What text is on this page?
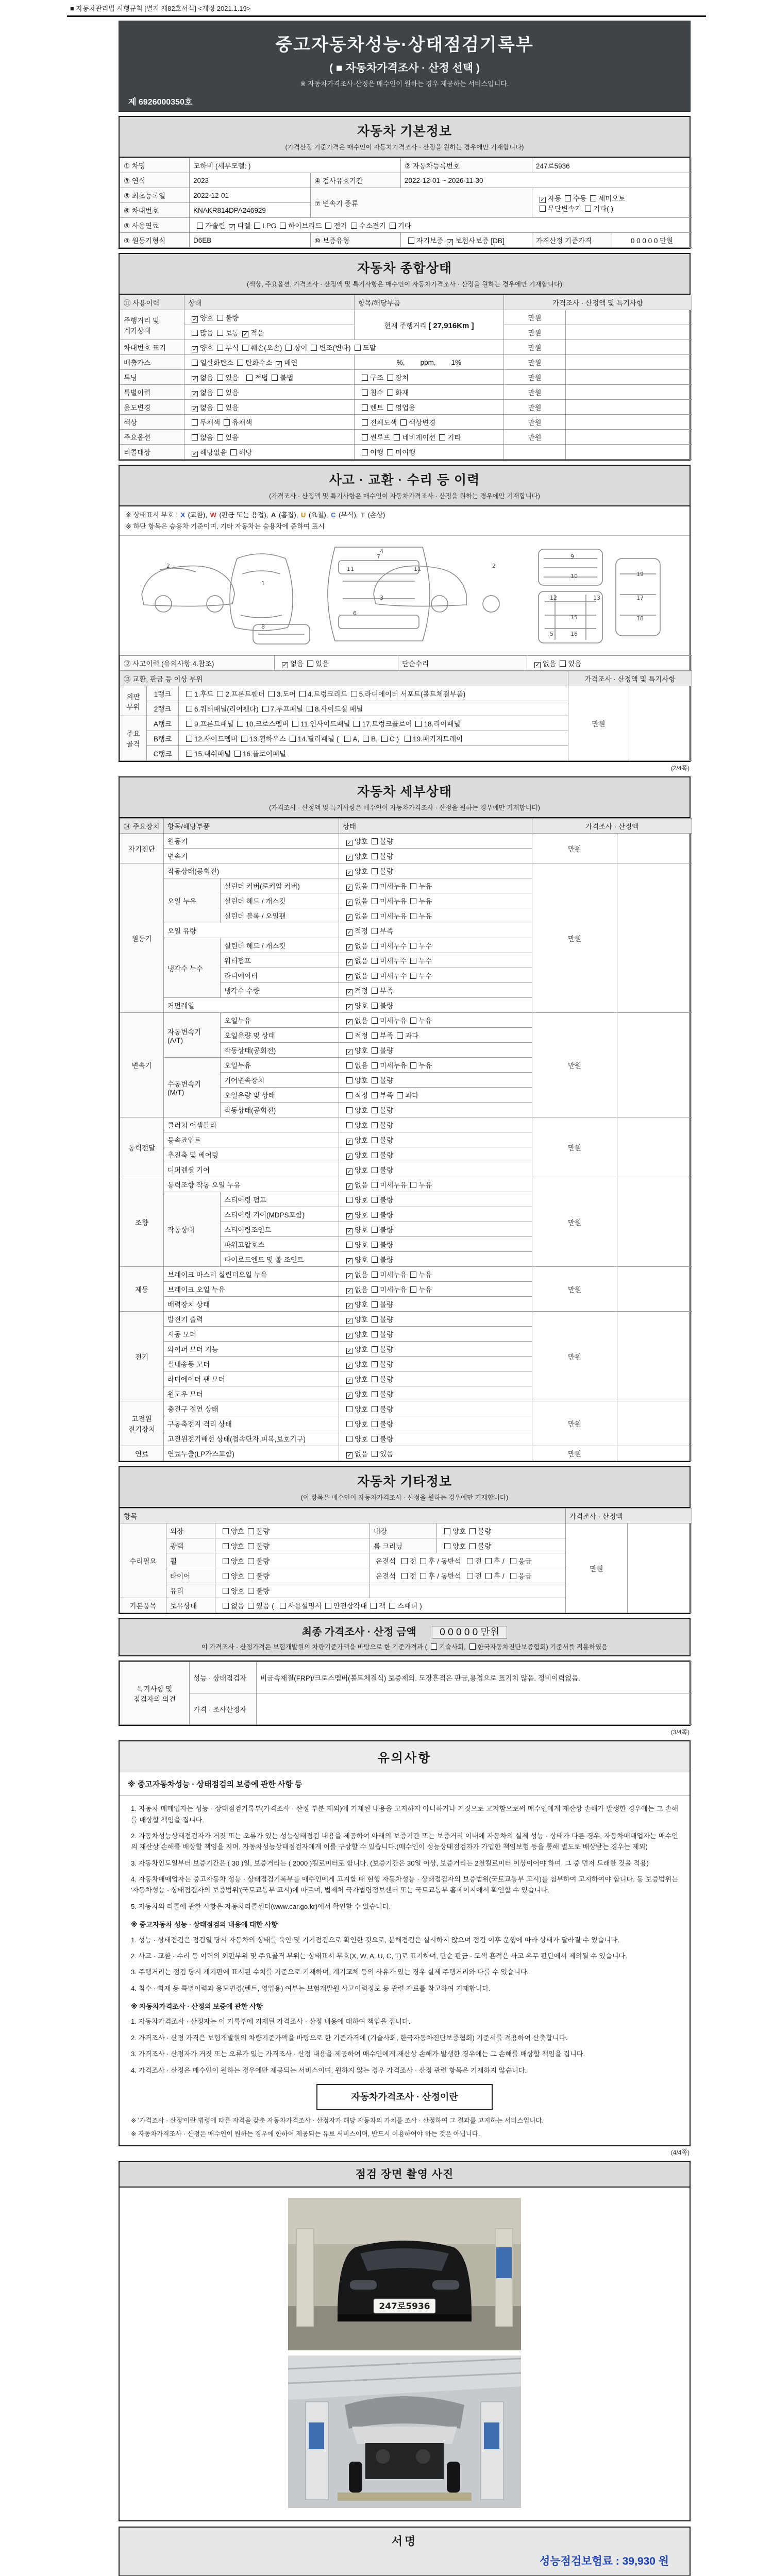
■ 자동차관리법 시행규칙 [별지 제82호서식] <개정 2021.1.19>
중고자동차성능·상태점검기록부
( ■ 자동차가격조사 · 산정 선택 )
※ 자동차가격조사·산정은 매수인이 원하는 경우 제공하는 서비스입니다.
제 6926000350호
자동차 기본정보
(가격산정 기준가격은 매수인이 자동차가격조사 · 산정을 원하는 경우에만 기재합니다)
① 차명	모하비 (세부모델: )		② 자동차등록번호	247로5936	
③ 연식	2023	④ 검사유효기간	2022-12-01 ~ 2026-11-30		
⑤ 최초등록일	2022-12-01	⑦ 변속기 종류		✓ 자동 수동 세미오토
무단변속기 기타( )	

⑥ 차대번호	KNAKR814DPA246929				
⑧ 사용연료	가솔린 ✓ 디젤 LPG 하이브리드 전기 수소전기 기타				
⑨ 원동기형식	D6EB	⑩ 보증유형	자기보증 ✓ 보험사보증 [DB]	가격산정 기준가격	0 0 0 0 0 만원
자동차 종합상태
(색상, 주요옵션, 가격조사 · 산정액 및 특기사항은 매수인이 자동차가격조사 · 산정을 원하는 경우에만 기재합니다)
⑪ 사용이력	상태	항목/해당부품	가격조사 · 산정액 및 특기사항	
주행거리 및 계기상태	✓ 양호 불량	현재 주행거리 [ 27,916Km ]	만원	
	많음 보통 ✓ 적음		만원	
차대번호 표기	✓ 양호 부식 훼손(오손) 상이 변조(변타) 도말		만원	
배출가스	일산화탄소 탄화수소 ✓ 매연	%,        ppm,        1%	만원	
튜닝	✓ 없음 있음 적법 불법	구조 장치	만원	
특별이력	✓ 없음 있음	침수 화재	만원	
용도변경	✓ 없음 있음	렌트 영업용	만원	
색상	무채색 유채색	전체도색 색상변경	만원	
주요옵션	없음 있음	썬루프 네비게이션 기타	만원	
리콜대상	✓ 해당없음 해당	이행 미이행		
사고 · 교환 · 수리 등 이력
(가격조사 · 산정액 및 특기사항은 매수인이 자동차가격조사 · 산정을 원하는 경우에만 기재합니다)
※ 상태표시 부호 : X (교환), W (판금 또는 용접), A (흠집), U (요철), C (부식), T (손상)
※ 하단 항목은 승용차 기준이며, 기타 자동차는 승용차에 준하여 표시
2
1
7
11	11
3
6
2
4
9
10
12	13
15
16
17
18
5
19
8
⑫ 사고이력 (유의사항 4.참조)	✓ 없음 있음	단순수리	✓ 없음 있음
⑬ 교환, 판금 등 이상 부위			가격조사 · 산정액 및 특기사항	
외판 부위	1랭크	1.후드 2.프론트휀더 3.도어 4.트렁크리드 5.라디에이터 서포트(볼트체결부품)	만원	
	2랭크	6.쿼터패널(리어휀다) 7.루프패널 8.사이드실 패널		
주요 골격	A랭크	9.프론트패널 10.크로스멤버 11.인사이드패널 17.트렁크플로어 18.리어패널		
	B랭크	12.사이드멤버 13.휠하우스 14.필러패널 ( A, B, C ) 19.패키지트레이		
	C랭크	15.대쉬패널 16.플로어패널		
(2/4쪽)
자동차 세부상태
(가격조사 · 산정액 및 특기사항은 매수인이 자동차가격조사 · 산정을 원하는 경우에만 기재합니다)
⑭ 주요장치	항목/해당부품		상태	가격조사 · 산정액	
자기진단	원동기		✓ 양호 불량	만원	
	변속기		✓ 양호 불량		
원동기	작동상태(공회전)		✓ 양호 불량	만원	
	오일 누유	실린더 커버(로커암 커버)	✓ 없음 미세누유 누유		
		실린더 헤드 / 개스킷	✓ 없음 미세누유 누유		
		실린더 블록 / 오일팬	✓ 없음 미세누유 누유		
	오일 유량		✓ 적정 부족		
	냉각수 누수	실린더 헤드 / 개스킷	✓ 없음 미세누수 누수		
		워터펌프	✓ 없음 미세누수 누수		
		라디에이터	✓ 없음 미세누수 누수		
		냉각수 수량	✓ 적정 부족		
	커먼레일		✓ 양호 불량		
변속기	자동변속기 (A/T)	오일누유	✓ 없음 미세누유 누유	만원	
		오일유량 및 상태	적정 부족 과다		
		작동상태(공회전)	✓ 양호 불량		
	수동변속기 (M/T)	오일누유	없음 미세누유 누유		
		기어변속장치	양호 불량		
		오일유량 및 상태	적정 부족 과다		
		작동상태(공회전)	양호 불량		
동력전달	클러치 어셈블리		양호 불량	만원	
	등속죠인트		✓ 양호 불량		
	추진축 및 베어링		✓ 양호 불량		
	디퍼렌셜 기어		✓ 양호 불량		
조향	동력조향 작동 오일 누유		✓ 없음 미세누유 누유	만원	
	작동상태	스티어링 펌프	양호 불량		
		스티어링 기어(MDPS포함)	✓ 양호 불량		
		스티어링조인트	✓ 양호 불량		
		파워고압호스	양호 불량		
		타이로드엔드 및 볼 조인트	✓ 양호 불량		
제동	브레이크 마스터 실린더오일 누유		✓ 없음 미세누유 누유	만원	
	브레이크 오일 누유		✓ 없음 미세누유 누유		
	배력장치 상태		✓ 양호 불량		
전기	발전기 출력		✓ 양호 불량	만원	
	시동 모터		✓ 양호 불량		
	와이퍼 모터 기능		✓ 양호 불량		
	실내송풍 모터		✓ 양호 불량		
	라디에이터 팬 모터		✓ 양호 불량		
	윈도우 모터		✓ 양호 불량		
고전원 전기장치	충전구 절연 상태		양호 불량	만원	
	구동축전지 격리 상태		양호 불량		
	고전원전기배선 상태(접속단자,피복,보호기구)		양호 불량		
연료	연료누출(LP가스포함)		✓ 없음 있음	만원	
자동차 기타정보
(이 항목은 매수인이 자동차가격조사 · 산정을 원하는 경우에만 기재합니다)
항목					가격조사 · 산정액	
수리필요	외장	양호 불량	내장	양호 불량	만원	
	광택	양호 불량	룸 크리닝	양호 불량		
	휠	양호 불량	운전석 전 후 / 동반석 전 후 / 응급			
	타이어	양호 불량	운전석 전 후 / 동반석 전 후 / 응급			
	유리	양호 불량				
기본품목	보유상태	없음 있음 ( 사용설명서 안전삼각대 잭 스패너 )				
최종 가격조사 · 산정 금액 0 0 0 0 0 만원
이 가격조사 · 산정가격은 보험개발원의 차량기준가액을 바탕으로 한 기준가격과 ( 기술사회, 한국자동차진단보증협회) 기준서를 적용하였음
특기사항 및 점검자의 의견	성능 · 상태점검자	비금속재질(FRP)/크로스멤버(볼트체결식) 보증제외. 도장흔적은 판금,용접으로 표기치 않음. 정비이력없음.
	가격 · 조사산정자	
(3/4쪽)
유의사항
※ 중고자동차성능 · 상태점검의 보증에 관한 사항 등

1. 자동차 매매업자는 성능 · 상태점검기록부(가격조사 · 산정 부분 제외)에 기재된 내용을 고지하지 아니하거나 거짓으로 고지함으로써 매수인에게 재산상 손해가 발생한 경우에는 그 손해를 배상할 책임을 집니다.

2. 자동차성능상태점검자가 거짓 또는 오류가 있는 성능상태점검 내용을 제공하여 아래의 보증기간 또는 보증거리 이내에 자동차의 실제 성능 · 상태가 다른 경우, 자동차매매업자는 매수인의 재산상 손해를 배상할 책임을 지며, 자동차성능상태점검자에게 이를 구상할 수 있습니다.(매수인이 성능상태점검자가 가입한 책임보험 등을 통해 별도로 배상받는 경우는 제외)

3. 자동차인도일부터 보증기간은 ( 30 )일, 보증거리는 ( 2000 )킬로미터로 합니다. (보증기간은 30일 이상, 보증거리는 2천킬로미터 이상이어야 하며, 그 중 먼저 도래한 것을 적용)

4. 자동차매매업자는 중고자동차 성능 · 상태점검기록부를 매수인에게 고지할 때 현행 자동차성능 · 상태점검자의 보증범위(국토교통부 고시)를 첨부하여 고지하여야 합니다. 동 보증범위는 '자동차성능 · 상태점검자의 보증범위'(국토교통부 고시)에 따르며, 법제처 국가법령정보센터 또는 국토교통부 홈페이지에서 확인할 수 있습니다.

5. 자동차의 리콜에 관한 사항은 자동차리콜센터(www.car.go.kr)에서 확인할 수 있습니다.

※ 중고자동차 성능 · 상태점검의 내용에 대한 사항

1. 성능 · 상태점검은 점검일 당시 자동차의 상태를 육안 및 기기점검으로 확인한 것으로, 분해점검은 실시하지 않으며 점검 이후 운행에 따라 상태가 달라질 수 있습니다.

2. 사고 · 교환 · 수리 등 이력의 외판부위 및 주요골격 부위는 상태표시 부호(X, W, A, U, C, T)로 표기하며, 단순 판금 · 도색 흔적은 사고 유무 판단에서 제외될 수 있습니다.

3. 주행거리는 점검 당시 계기판에 표시된 수치를 기준으로 기재하며, 계기교체 등의 사유가 있는 경우 실제 주행거리와 다를 수 있습니다.

4. 침수 · 화재 등 특별이력과 용도변경(렌트, 영업용) 여부는 보험개발원 사고이력정보 등 관련 자료를 참고하여 기재합니다.

※ 자동차가격조사 · 산정의 보증에 관한 사항

1. 자동차가격조사 · 산정자는 이 기록부에 기재된 가격조사 · 산정 내용에 대하여 책임을 집니다.

2. 가격조사 · 산정 가격은 보험개발원의 차량기준가액을 바탕으로 한 기준가격에 (기술사회, 한국자동차진단보증협회) 기준서를 적용하여 산출합니다.

3. 가격조사 · 산정자가 거짓 또는 오류가 있는 가격조사 · 산정 내용을 제공하여 매수인에게 재산상 손해가 발생한 경우에는 그 손해를 배상할 책임을 집니다.

4. 가격조사 · 산정은 매수인이 원하는 경우에만 제공되는 서비스이며, 원하지 않는 경우 가격조사 · 산정 관련 항목은 기재하지 않습니다.

자동차가격조사 · 산정이란
※ '가격조사 · 산정'이란 법령에 따른 자격을 갖춘 자동차가격조사 · 산정자가 해당 자동차의 가치를 조사 · 산정하여 그 결과를 고지하는 서비스입니다.
※ 자동차가격조사 · 산정은 매수인이 원하는 경우에 한하여 제공되는 유료 서비스이며, 반드시 이용하여야 하는 것은 아닙니다.
(4/4쪽)
점검 장면 촬영 사진
247로5936
서명
성능점검보험료 : 39,930 원
